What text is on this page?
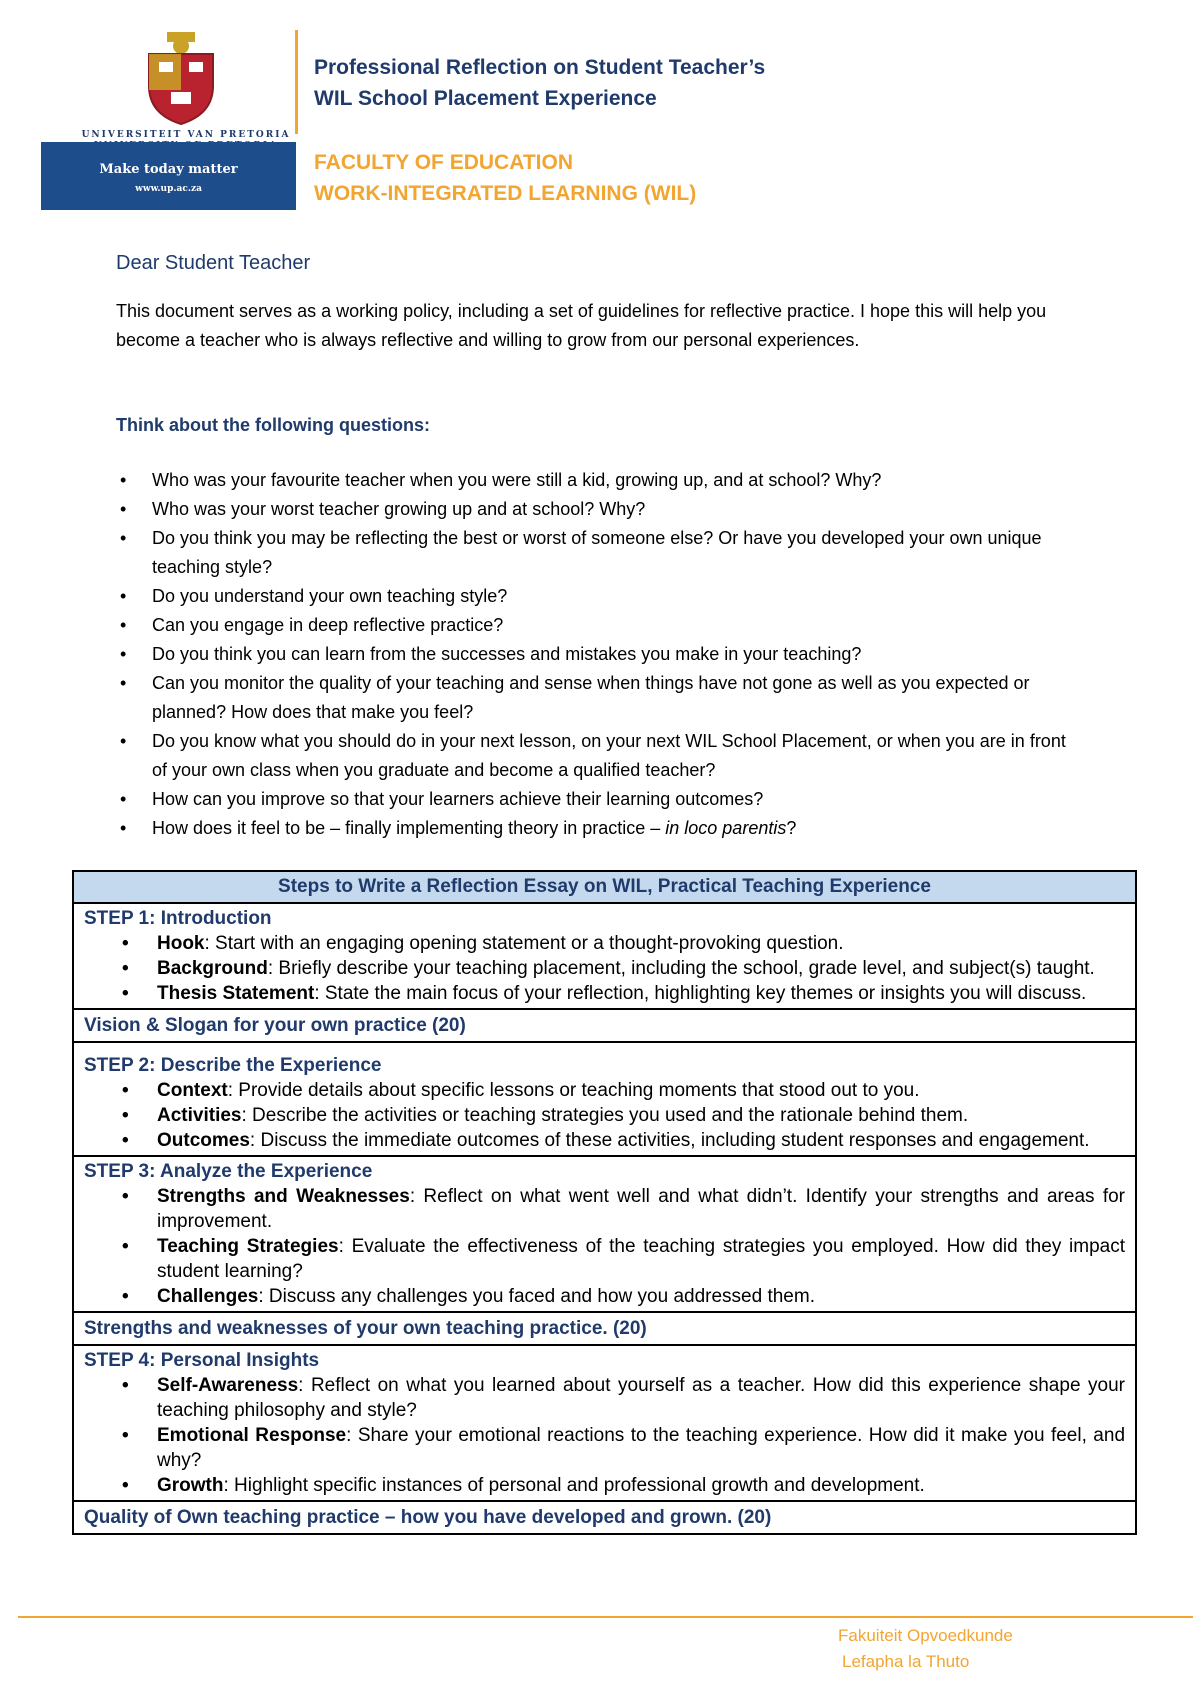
UNIVERSITEIT VAN PRETORIA
Make today matter
www.up.ac.za
Professional Reflection on Student Teacher’s
WIL School Placement Experience
FACULTY OF EDUCATION
WORK-INTEGRATED LEARNING (WIL)
Dear Student Teacher
This document serves as a working policy, including a set of guidelines for reflective practice. I hope this will help you become a teacher who is always reflective and willing to grow from our personal experiences.
Think about the following questions:
• Who was your favourite teacher when you were still a kid, growing up, and at school? Why?
• Who was your worst teacher growing up and at school? Why?
• Do you think you may be reflecting the best or worst of someone else? Or have you developed your own unique teaching style?
• Do you understand your own teaching style?
• Can you engage in deep reflective practice?
• Do you think you can learn from the successes and mistakes you make in your teaching?
• Can you monitor the quality of your teaching and sense when things have not gone as well as you expected or planned? How does that make you feel?
• Do you know what you should do in your next lesson, on your next WIL School Placement, or when you are in front of your own class when you graduate and become a qualified teacher?
• How can you improve so that your learners achieve their learning outcomes?
• How does it feel to be – finally implementing theory in practice – in loco parentis?
Steps to Write a Reflection Essay on WIL, Practical Teaching Experience

STEP 1: Introduction
• Hook: Start with an engaging opening statement or a thought-provoking question.
• Background: Briefly describe your teaching placement, including the school, grade level, and subject(s) taught.
• Thesis Statement: State the main focus of your reflection, highlighting key themes or insights you will discuss.

Vision & Slogan for your own practice (20)

STEP 2: Describe the Experience
• Context: Provide details about specific lessons or teaching moments that stood out to you.
• Activities: Describe the activities or teaching strategies you used and the rationale behind them.
• Outcomes: Discuss the immediate outcomes of these activities, including student responses and engagement.

STEP 3: Analyze the Experience
• Strengths and Weaknesses: Reflect on what went well and what didn’t. Identify your strengths and areas for improvement.
• Teaching Strategies: Evaluate the effectiveness of the teaching strategies you employed. How did they impact student learning?
• Challenges: Discuss any challenges you faced and how you addressed them.

Strengths and weaknesses of your own teaching practice. (20)

STEP 4: Personal Insights
• Self-Awareness: Reflect on what you learned about yourself as a teacher. How did this experience shape your teaching philosophy and style?
• Emotional Response: Share your emotional reactions to the teaching experience. How did it make you feel, and why?
• Growth: Highlight specific instances of personal and professional growth and development.

Quality of Own teaching practice – how you have developed and grown. (20)
Fakuiteit Opvoedkunde
Lefapha la Thuto
